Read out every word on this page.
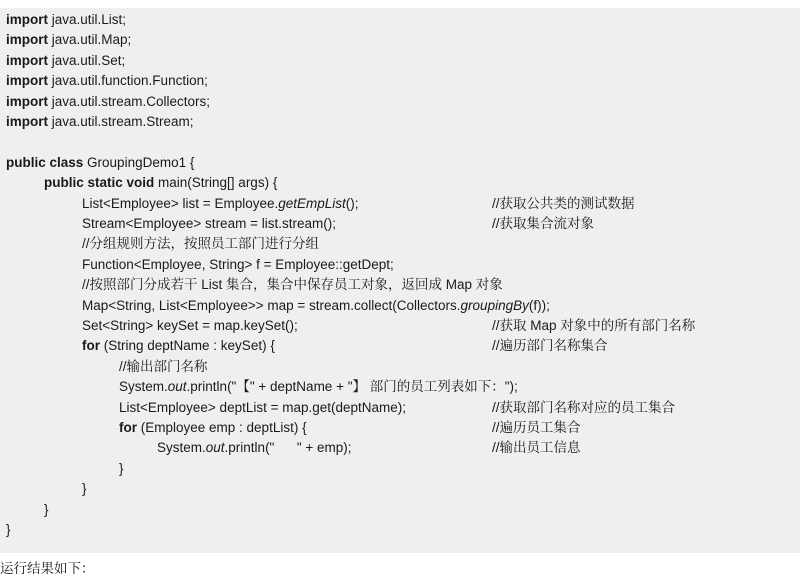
import java.util.List;
import java.util.Map;
import java.util.Set;
import java.util.function.Function;
import java.util.stream.Collectors;
import java.util.stream.Stream;
public class GroupingDemo1 {
public static void main(String[] args) {
List<Employee> list = Employee.getEmpList();	//获取公共类的测试数据
Stream<Employee> stream = list.stream();	//获取集合流对象
//分组规则方法，按照员工部门进行分组
Function<Employee, String> f = Employee::getDept;
//按照部门分成若干 List 集合，集合中保存员工对象，返回成 Map 对象
Map<String, List<Employee>> map = stream.collect(Collectors.groupingBy(f));
Set<String> keySet = map.keySet();	//获取 Map 对象中的所有部门名称
for (String deptName : keySet) {	//遍历部门名称集合
//输出部门名称
System.out.println("【" + deptName + "】 部门的员工列表如下：");
List<Employee> deptList = map.get(deptName);	//获取部门名称对应的员工集合
for (Employee emp : deptList) {	//遍历员工集合
System.out.println("      " + emp);	//输出员工信息
}
}
}
}
运行结果如下：
